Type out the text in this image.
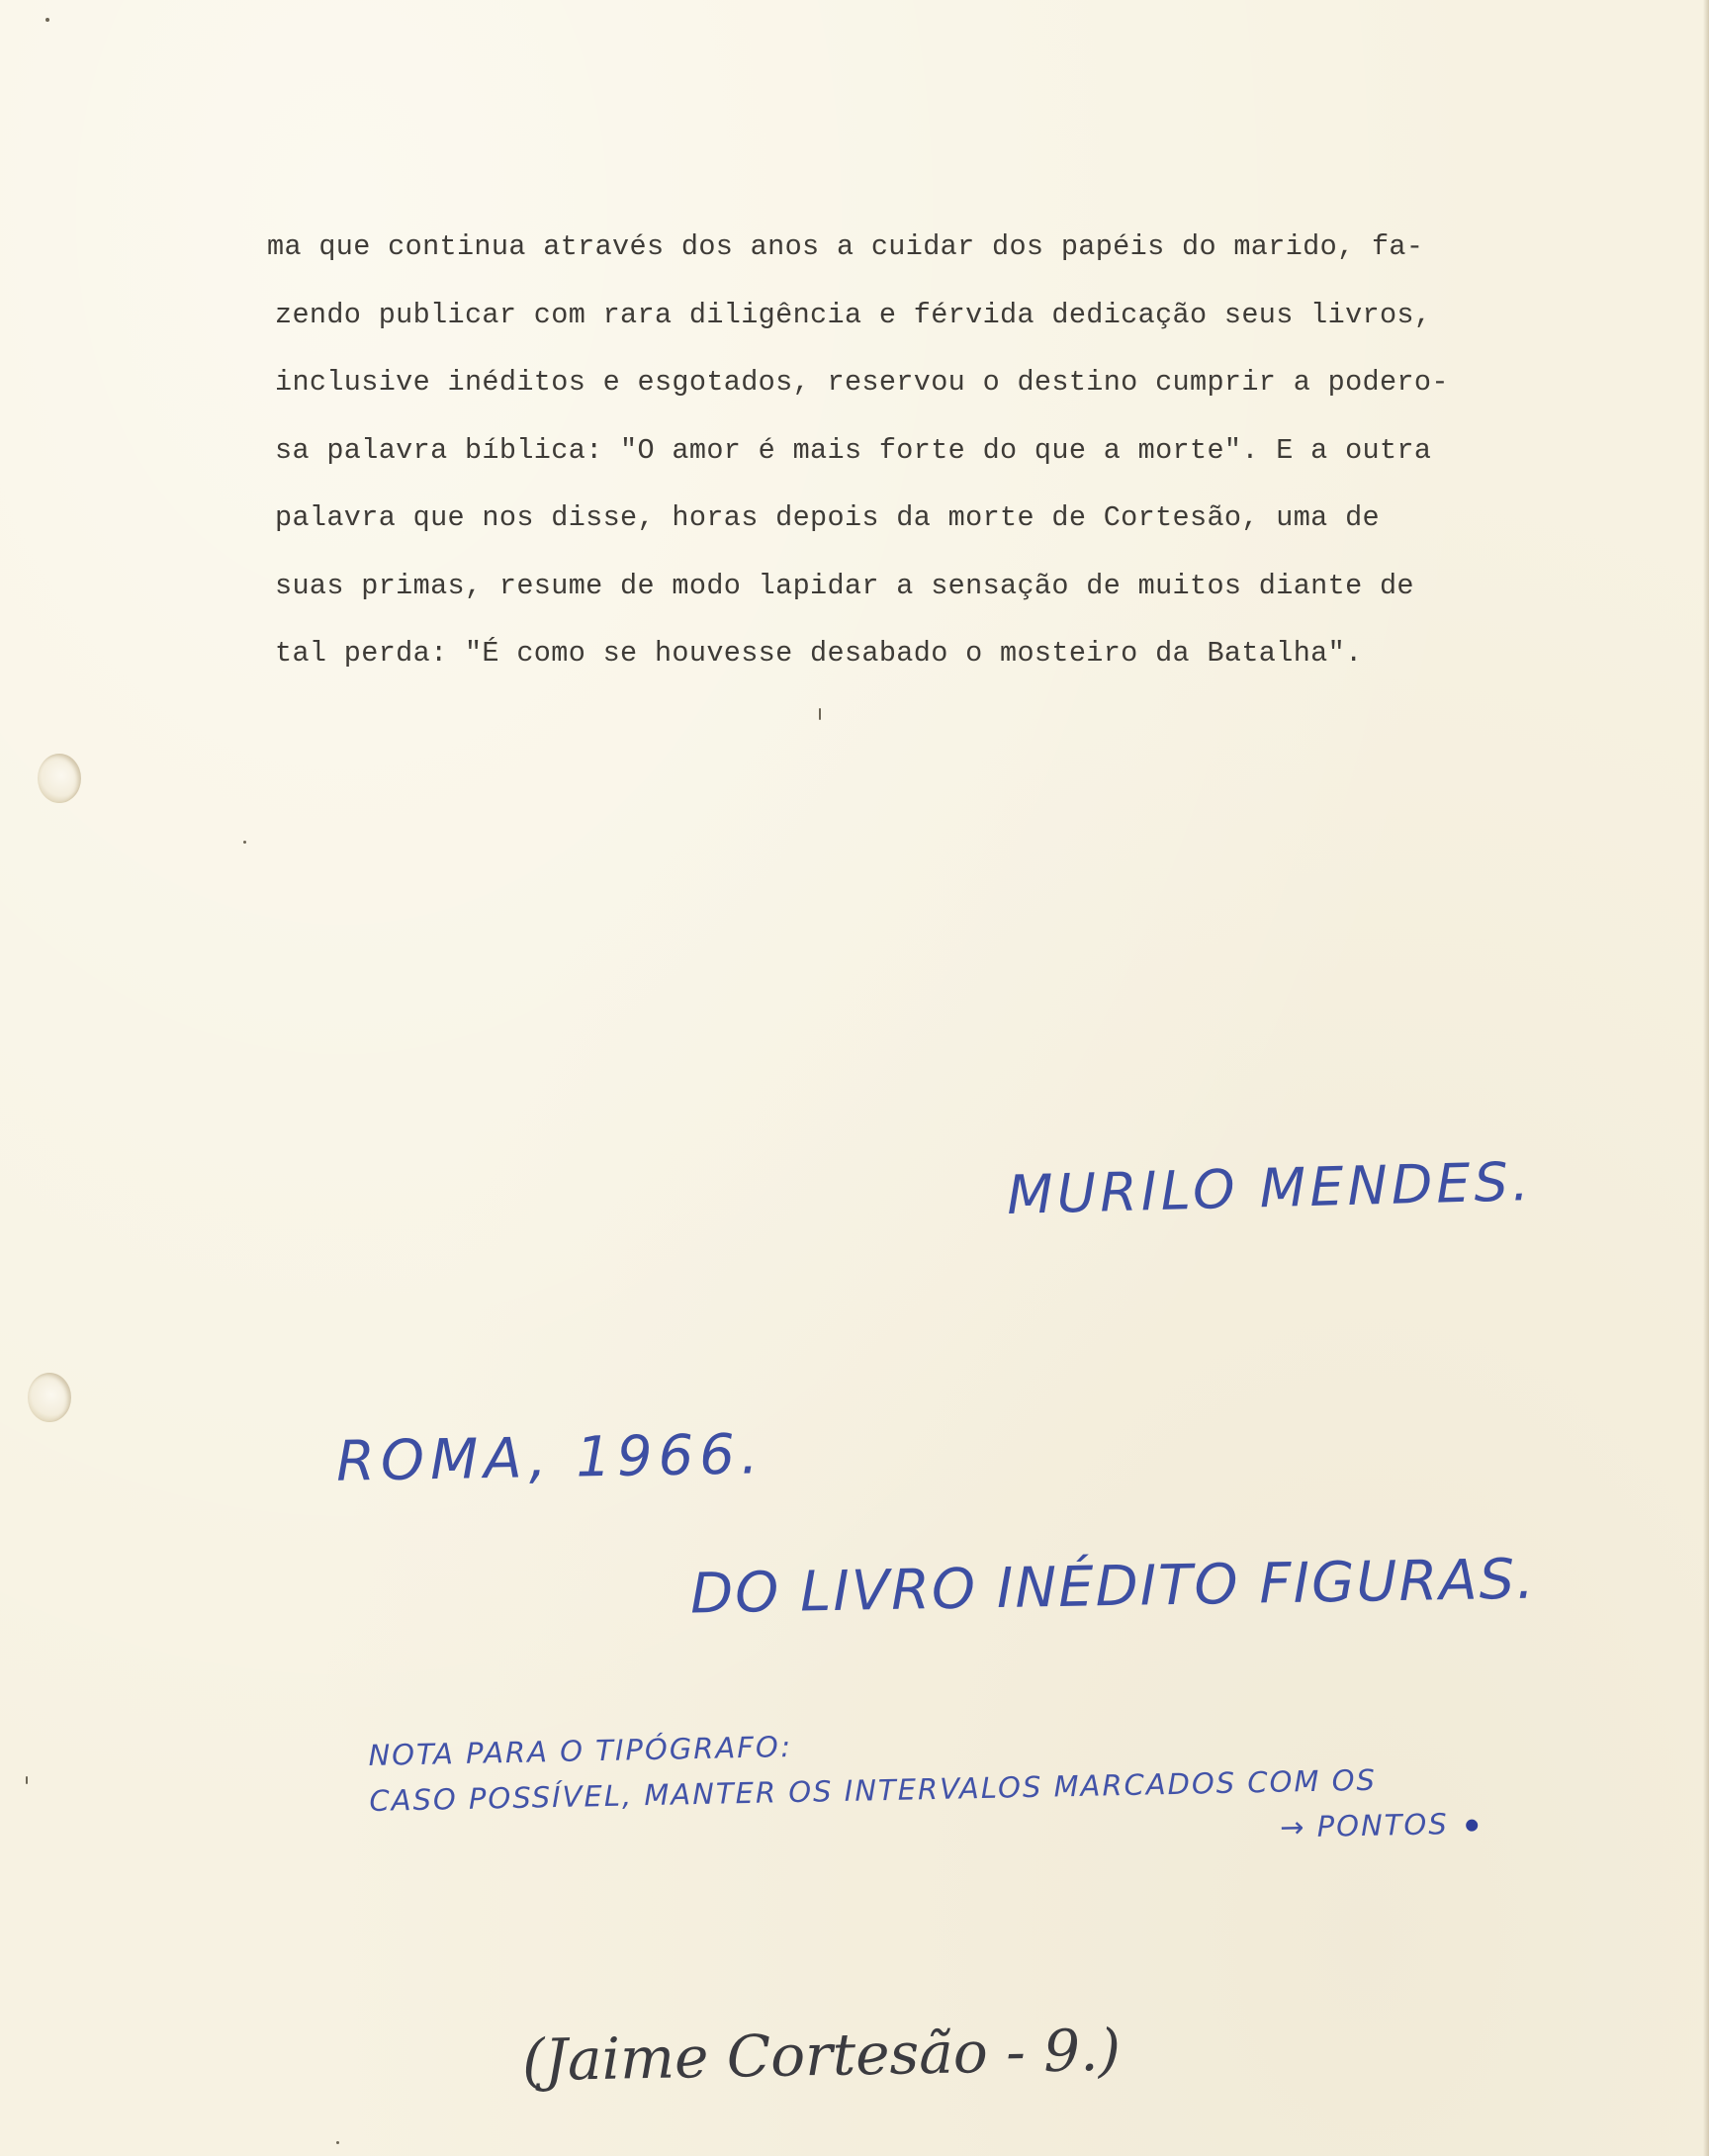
ma que continua através dos anos a cuidar dos papéis do marido, fa-
zendo publicar com rara diligência e férvida dedicação seus livros,
inclusive inéditos e esgotados, reservou o destino cumprir a podero-
sa palavra bíblica: "O amor é mais forte do que a morte". E a outra
palavra que nos disse, horas depois da morte de Cortesão, uma de
suas primas, resume de modo lapidar a sensação de muitos diante de
tal perda: "É como se houvesse desabado o mosteiro da Batalha".
MURILO MENDES.
ROMA, 1966.
DO LIVRO INÉDITO FIGURAS.
NOTA PARA O TIPÓGRAFO:
CASO POSSÍVEL, MANTER OS INTERVALOS MARCADOS COM OS
→ PONTOS
(Jaime Cortesão - 9.)
